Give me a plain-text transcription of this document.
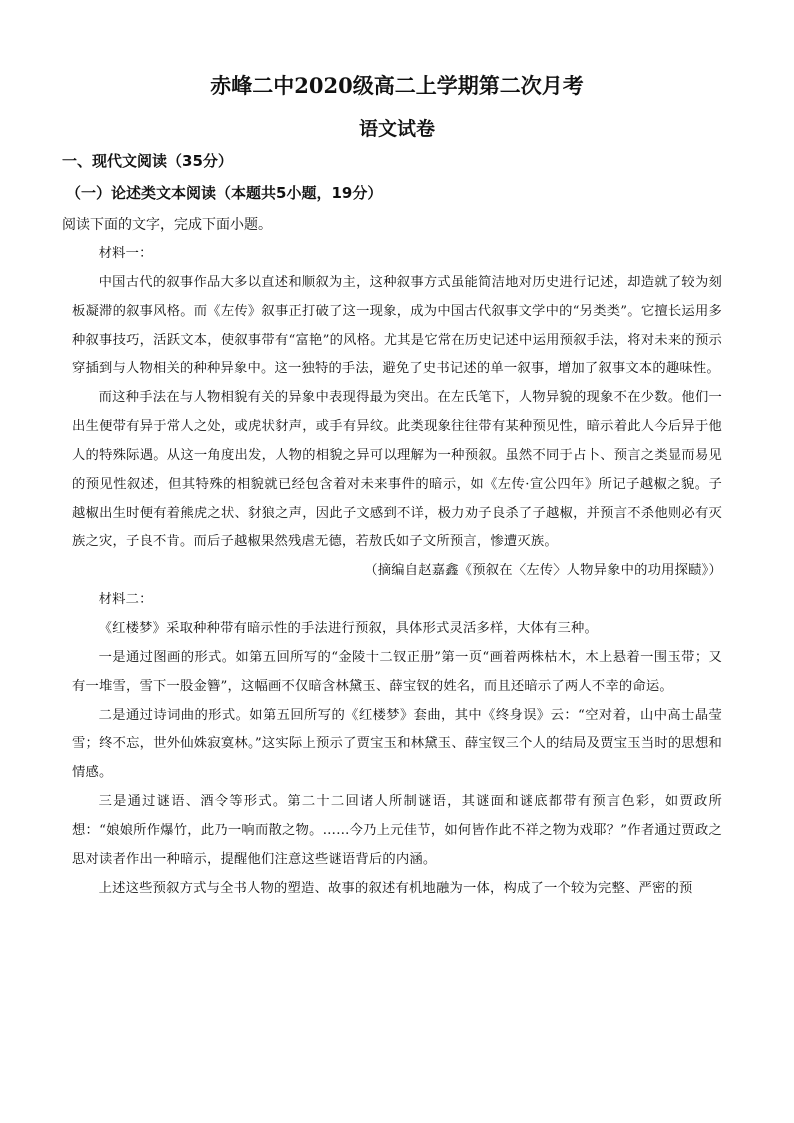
赤峰二中2020级高二上学期第二次月考
语文试卷
一、现代文阅读（35分）
（一）论述类文本阅读（本题共5小题，19分）
阅读下面的文字，完成下面小题。

材料一：

中国古代的叙事作品大多以直述和顺叙为主，这种叙事方式虽能简洁地对历史进行记述，却造就了较为刻板凝滞的叙事风格。而《左传》叙事正打破了这一现象，成为中国古代叙事文学中的“另类类”。它擅长运用多种叙事技巧，活跃文本，使叙事带有“富艳”的风格。尤其是它常在历史记述中运用预叙手法，将对未来的预示穿插到与人物相关的种种异象中。这一独特的手法，避免了史书记述的单一叙事，增加了叙事文本的趣味性。

而这种手法在与人物相貌有关的异象中表现得最为突出。在左氏笔下，人物异貌的现象不在少数。他们一出生便带有异于常人之处，或虎状豺声，或手有异纹。此类现象往往带有某种预见性，暗示着此人今后异于他人的特殊际遇。从这一角度出发，人物的相貌之异可以理解为一种预叙。虽然不同于占卜、预言之类显而易见的预见性叙述，但其特殊的相貌就已经包含着对未来事件的暗示，如《左传·宣公四年》所记子越椒之貌。子越椒出生时便有着熊虎之状、豺狼之声，因此子文感到不详，极力劝子良杀了子越椒，并预言不杀他则必有灭族之灾，子良不肯。而后子越椒果然残虐无德，若敖氏如子文所预言，惨遭灭族。

（摘编自赵嘉鑫《预叙在〈左传〉人物异象中的功用探赜》）

材料二：

《红楼梦》采取种种带有暗示性的手法进行预叙，具体形式灵活多样，大体有三种。

一是通过图画的形式。如第五回所写的“金陵十二钗正册”第一页“画着两株枯木，木上悬着一围玉带；又有一堆雪，雪下一股金簪”，这幅画不仅暗含林黛玉、薛宝钗的姓名，而且还暗示了两人不幸的命运。

二是通过诗词曲的形式。如第五回所写的《红楼梦》套曲，其中《终身误》云：“空对着，山中高士晶莹雪；终不忘，世外仙姝寂寞林。”这实际上预示了贾宝玉和林黛玉、薛宝钗三个人的结局及贾宝玉当时的思想和情感。

三是通过谜语、酒令等形式。第二十二回诸人所制谜语，其谜面和谜底都带有预言色彩，如贾政所想：“娘娘所作爆竹，此乃一响而散之物。……今乃上元佳节，如何皆作此不祥之物为戏耶？”作者通过贾政之思对读者作出一种暗示，提醒他们注意这些谜语背后的内涵。

上述这些预叙方式与全书人物的塑造、故事的叙述有机地融为一体，构成了一个较为完整、严密的预
